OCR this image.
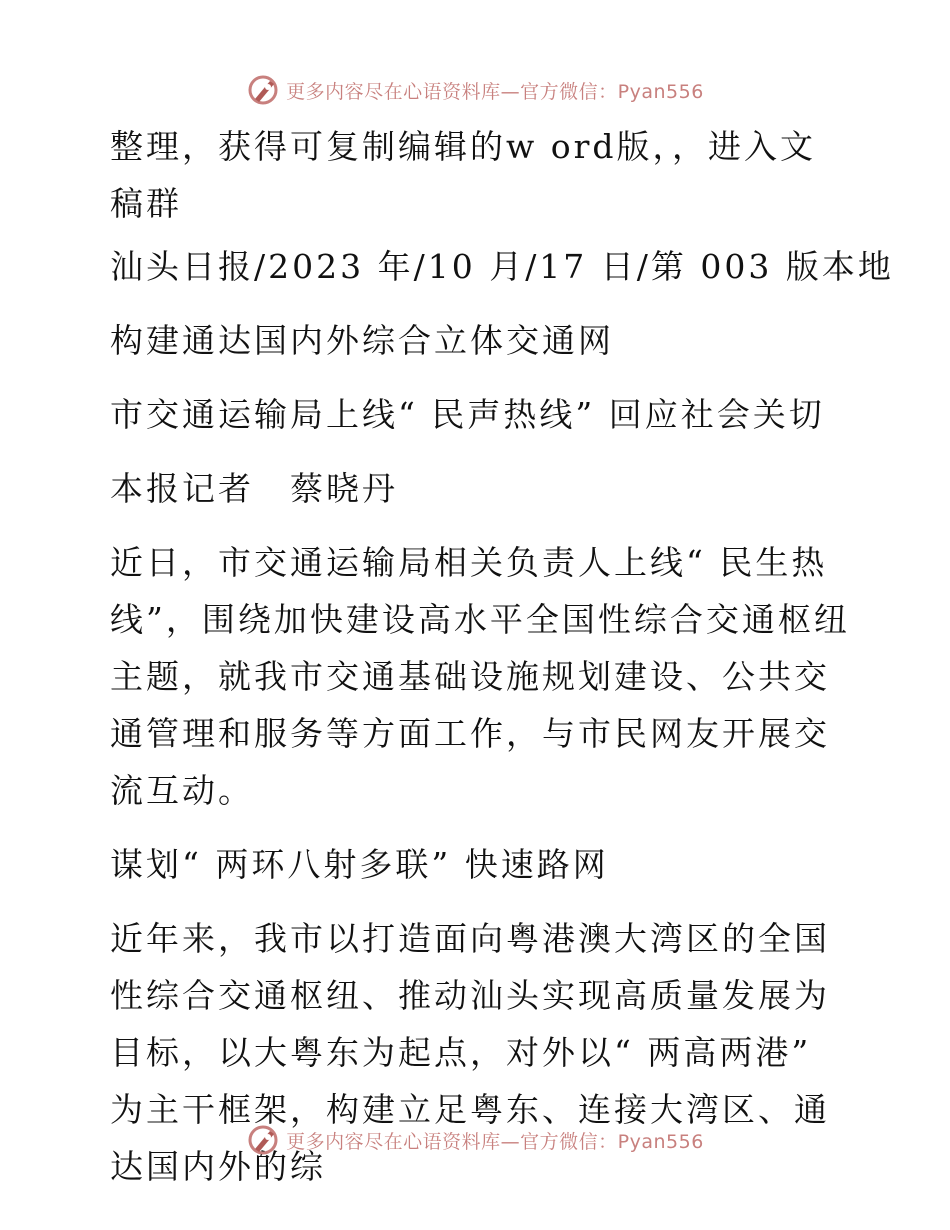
更多内容尽在心语资料库—官方微信：Pyan556

整理，获得可复制编辑的w ord版，，进入文稿群

汕头日报/2023 年/10 月/17 日/第 003 版本地

构建通达国内外综合立体交通网

市交通运输局上线“ 民声热线” 回应社会关切

本报记者　蔡晓丹

近日，市交通运输局相关负责人上线“ 民生热线”，围绕加快建设高水平全国性综合交通枢纽主题，就我市交通基础设施规划建设、公共交通管理和服务等方面工作，与市民网友开展交流互动。

谋划“ 两环八射多联” 快速路网

近年来，我市以打造面向粤港澳大湾区的全国性综合交通枢纽、推动汕头实现高质量发展为目标，以大粤东为起点，对外以“ 两高两港” 为主干框架，构建立足粤东、连接大湾区、通达国内外的综

更多内容尽在心语资料库—官方微信：Pyan556
